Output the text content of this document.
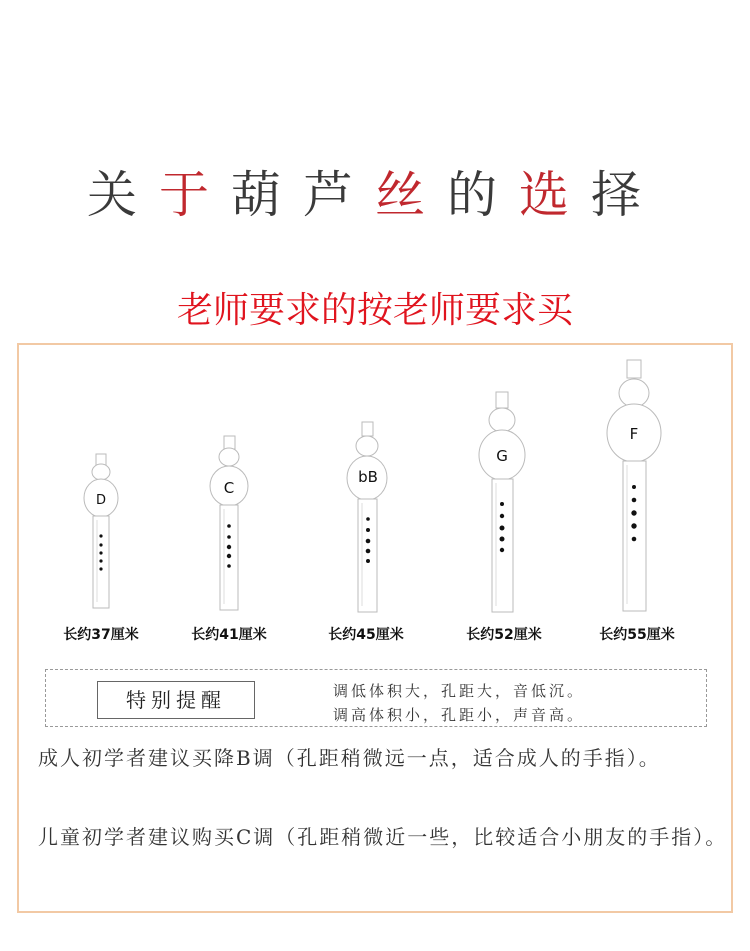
关于葫芦丝的选择
老师要求的按老师要求买
D
长约37厘米
C
长约41厘米
bB
长约45厘米
G
长约52厘米
F
长约55厘米
特别提醒	调低体积大，孔距大，音低沉。
调高体积小，孔距小，声音高。
成人初学者建议买降B调（孔距稍微远一点，适合成人的手指）。
儿童初学者建议购买C调（孔距稍微近一些，比较适合小朋友的手指）。
